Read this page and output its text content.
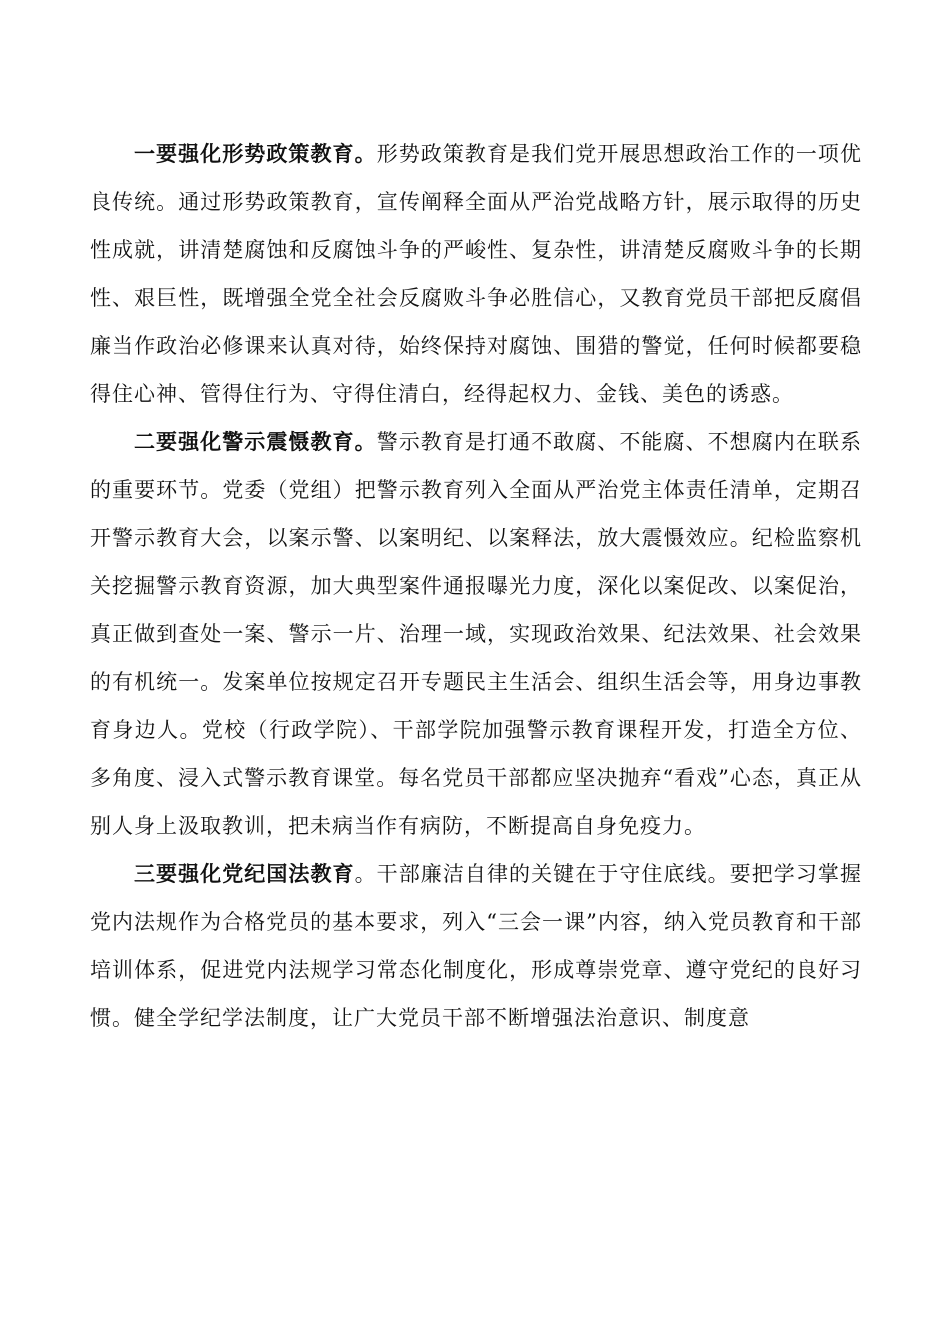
一要强化形势政策教育。形势政策教育是我们党开展思想政治工作的一项优良传统。通过形势政策教育，宣传阐释全面从严治党战略方针，展示取得的历史性成就，讲清楚腐蚀和反腐蚀斗争的严峻性、复杂性，讲清楚反腐败斗争的长期性、艰巨性，既增强全党全社会反腐败斗争必胜信心，又教育党员干部把反腐倡廉当作政治必修课来认真对待，始终保持对腐蚀、围猎的警觉，任何时候都要稳得住心神、管得住行为、守得住清白，经得起权力、金钱、美色的诱惑。

二要强化警示震慑教育。警示教育是打通不敢腐、不能腐、不想腐内在联系的重要环节。党委（党组）把警示教育列入全面从严治党主体责任清单，定期召开警示教育大会，以案示警、以案明纪、以案释法，放大震慑效应。纪检监察机关挖掘警示教育资源，加大典型案件通报曝光力度，深化以案促改、以案促治，真正做到查处一案、警示一片、治理一域，实现政治效果、纪法效果、社会效果的有机统一。发案单位按规定召开专题民主生活会、组织生活会等，用身边事教育身边人。党校（行政学院）、干部学院加强警示教育课程开发，打造全方位、多角度、浸入式警示教育课堂。每名党员干部都应坚决抛弃“看戏”心态，真正从别人身上汲取教训，把未病当作有病防，不断提高自身免疫力。

三要强化党纪国法教育。干部廉洁自律的关键在于守住底线。要把学习掌握党内法规作为合格党员的基本要求，列入“三会一课”内容，纳入党员教育和干部培训体系，促进党内法规学习常态化制度化，形成尊崇党章、遵守党纪的良好习惯。健全学纪学法制度，让广大党员干部不断增强法治意识、制度意
